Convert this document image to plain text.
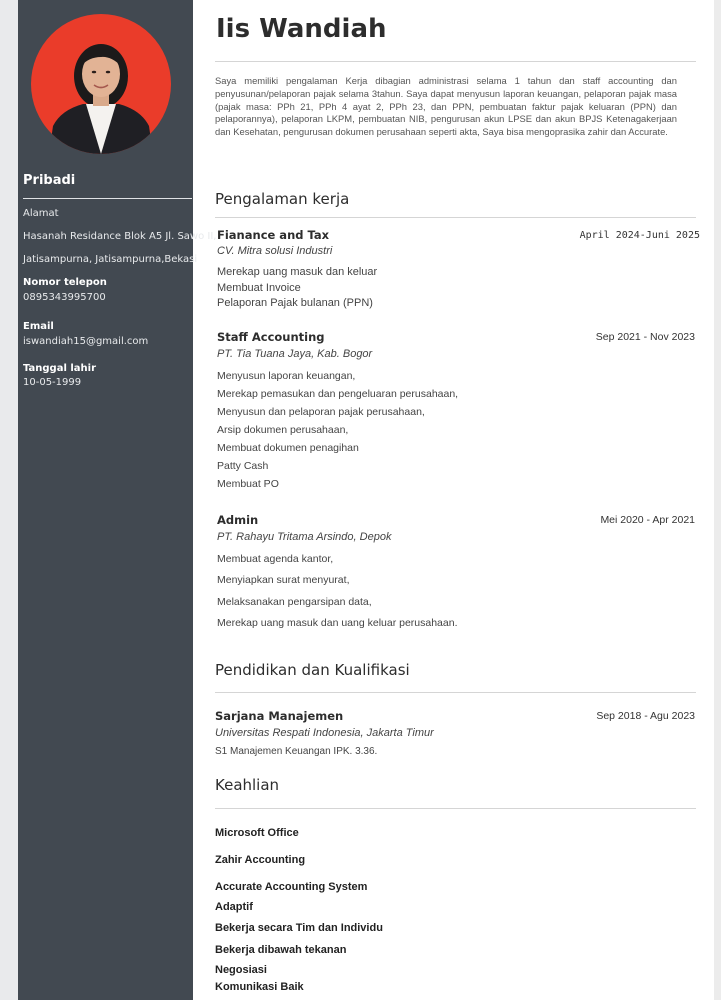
Pribadi
Alamat
Hasanah Residance Blok A5 Jl. Sawo II,
Jatisampurna, Jatisampurna,Bekasi
Nomor telepon
0895343995700
Email
iswandiah15@gmail.com
Tanggal lahir
10-05-1999
Iis Wandiah
Saya memiliki pengalaman Kerja dibagian administrasi selama 1 tahun dan staff accounting dan penyusunan/pelaporan pajak selama 3tahun. Saya dapat menyusun laporan keuangan, pelaporan pajak masa (pajak masa: PPh 21, PPh 4 ayat 2, PPh 23, dan PPN, pembuatan faktur pajak keluaran (PPN) dan pelaporannya), pelaporan LKPM, pembuatan NIB, pengurusan akun LPSE dan akun BPJS Ketenagakerjaan dan Kesehatan, pengurusan dokumen perusahaan seperti akta, Saya bisa mengoprasika zahir dan Accurate.
Pengalaman kerja
Fianance and Tax	April 2024-Juni 2025
CV. Mitra solusi Industri
Merekap uang masuk dan keluar
Membuat Invoice
Pelaporan Pajak bulanan (PPN)
Staff Accounting	Sep 2021 - Nov 2023
PT. Tia Tuana Jaya, Kab. Bogor
Menyusun laporan keuangan,
Merekap pemasukan dan pengeluaran perusahaan,
Menyusun dan pelaporan pajak perusahaan,
Arsip dokumen perusahaan,
Membuat dokumen penagihan
Patty Cash
Membuat PO
Admin	Mei 2020 - Apr 2021
PT. Rahayu Tritama Arsindo, Depok
Membuat agenda kantor,
Menyiapkan surat menyurat,
Melaksanakan pengarsipan data,
Merekap uang masuk dan uang keluar perusahaan.
Pendidikan dan Kualifikasi
Sarjana Manajemen	Sep 2018 - Agu 2023
Universitas Respati Indonesia, Jakarta Timur
S1 Manajemen Keuangan IPK. 3.36.
Keahlian
Microsoft Office
Zahir Accounting
Accurate Accounting System
Adaptif
Bekerja secara Tim dan Individu
Bekerja dibawah tekanan
Negosiasi
Komunikasi Baik
